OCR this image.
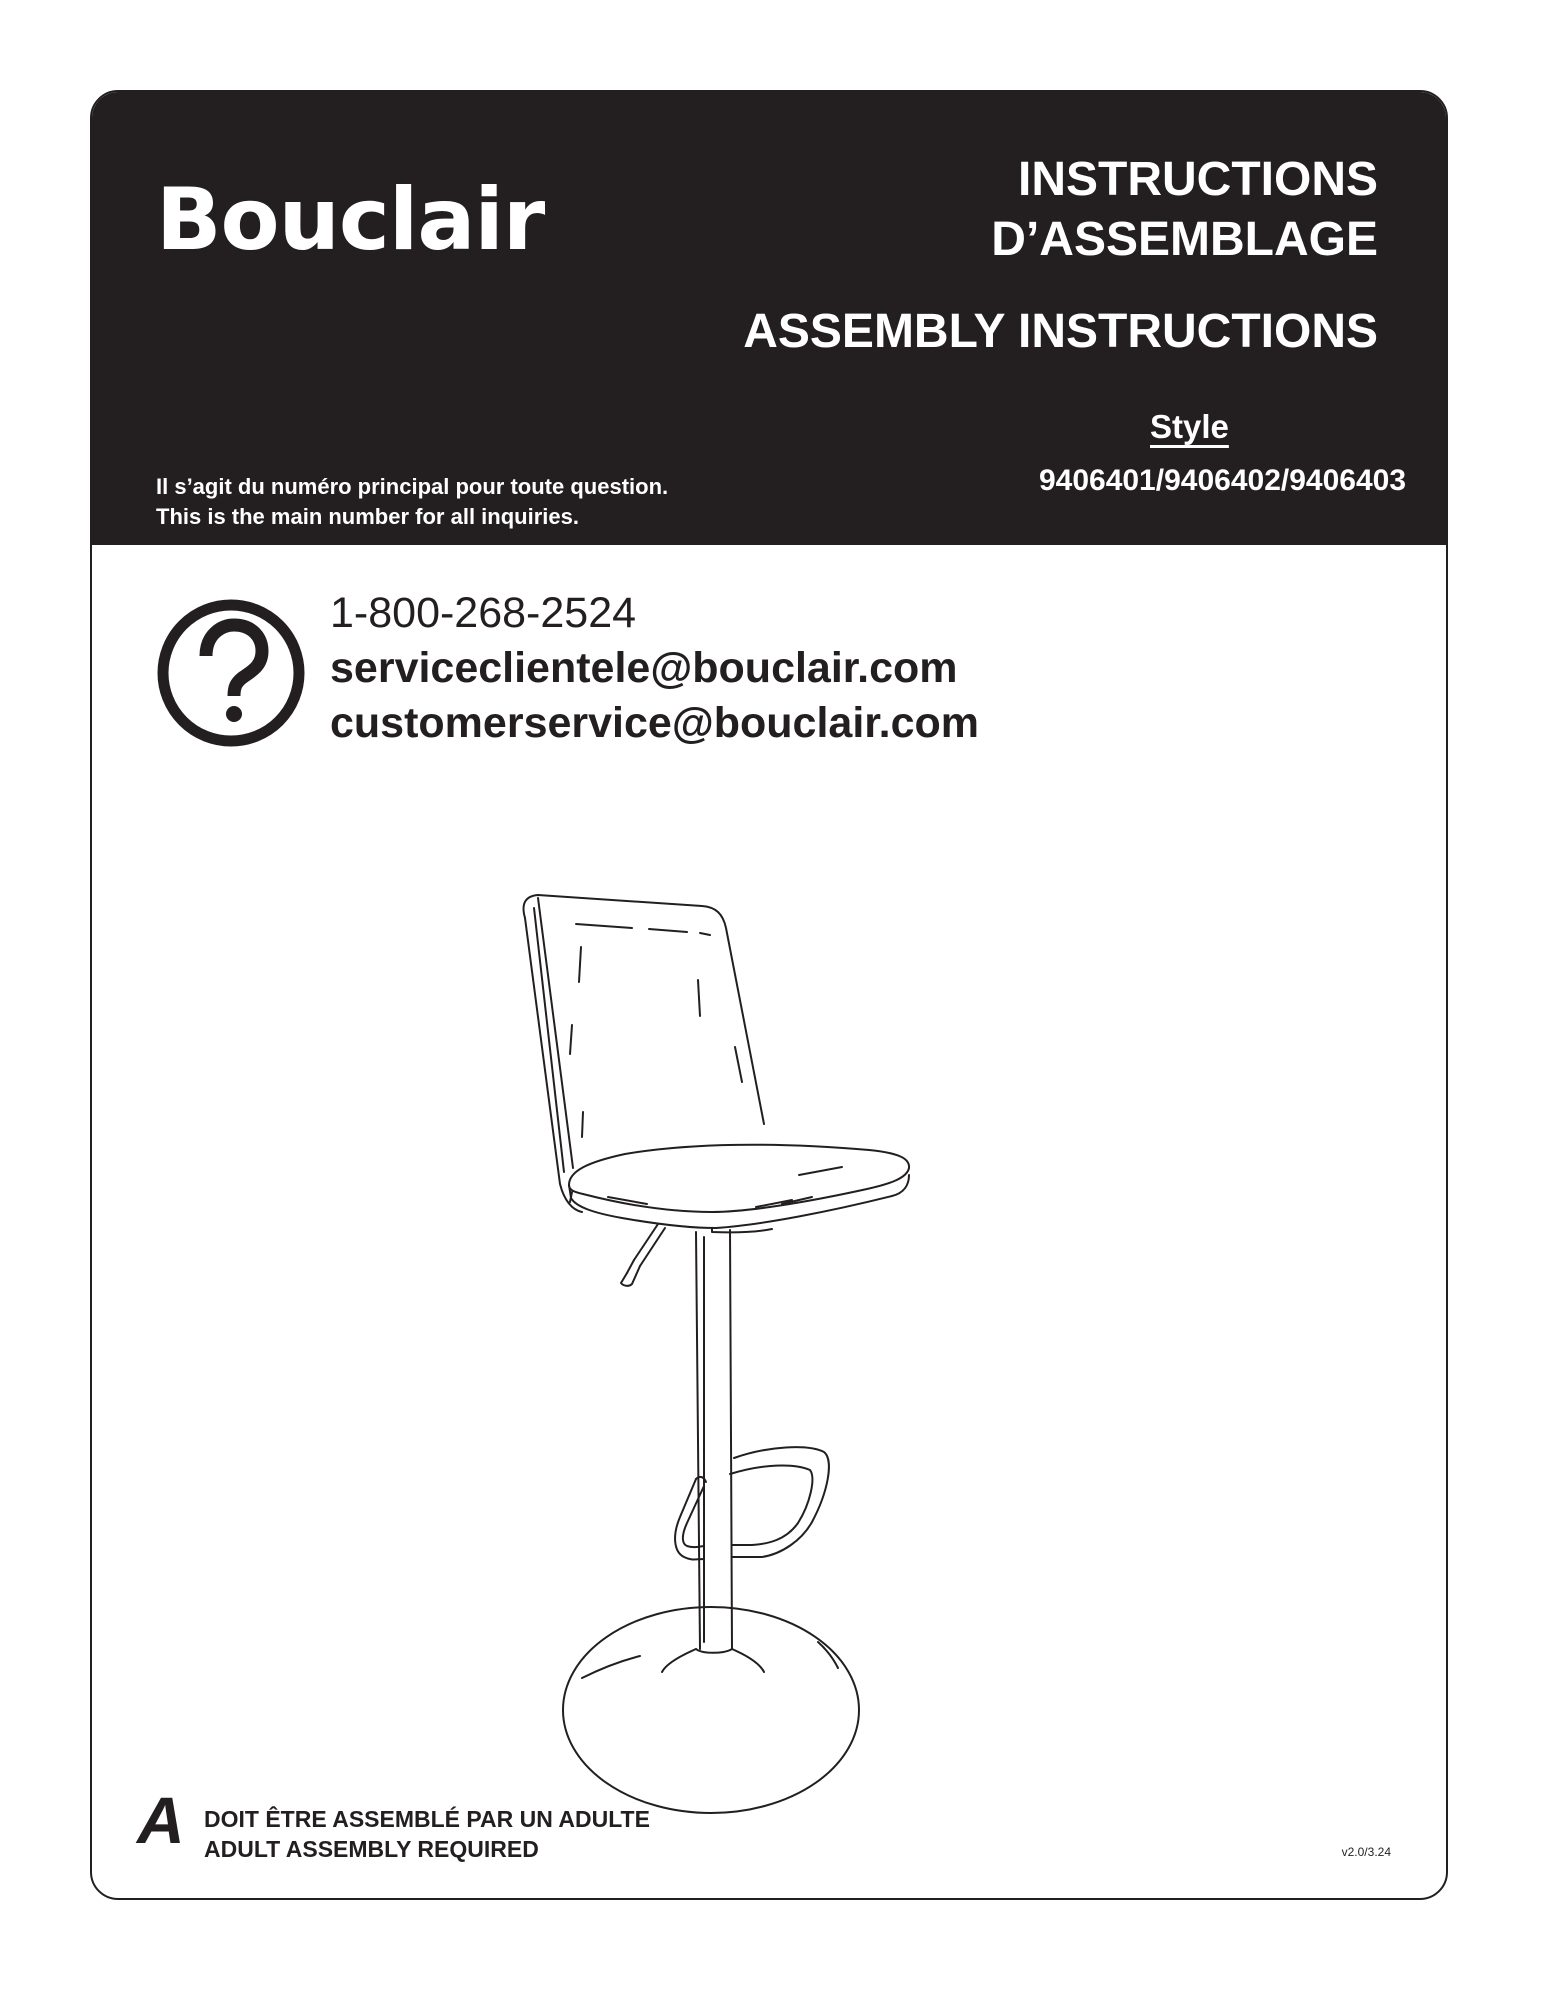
Bouclair	INSTRUCTIONS
D’ASSEMBLAGE
ASSEMBLY INSTRUCTIONS
Style
9406401/9406402/9406403
Il s’agit du numéro principal pour toute question.
This is the main number for all inquiries.
1-800-268-2524
serviceclientele@bouclair.com
customerservice@bouclair.com
A DOIT ÊTRE ASSEMBLÉ PAR UN ADULTE
ADULT ASSEMBLY REQUIRED	v2.0/3.24
